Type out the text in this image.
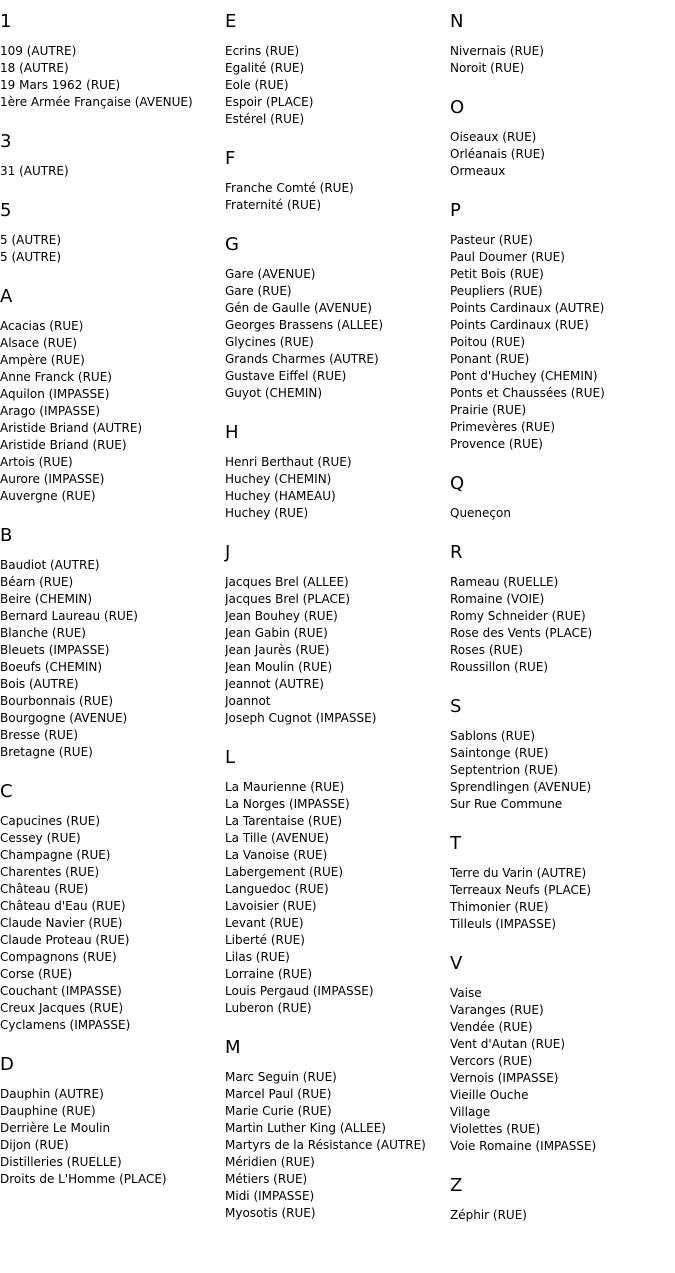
1
109 (AUTRE)
18 (AUTRE)
19 Mars 1962 (RUE)
1ère Armée Française (AVENUE)
3
31 (AUTRE)
5
5 (AUTRE)
5 (AUTRE)
A
Acacias (RUE)
Alsace (RUE)
Ampère (RUE)
Anne Franck (RUE)
Aquilon (IMPASSE)
Arago (IMPASSE)
Aristide Briand (AUTRE)
Aristide Briand (RUE)
Artois (RUE)
Aurore (IMPASSE)
Auvergne (RUE)
B
Baudiot (AUTRE)
Béarn (RUE)
Beire (CHEMIN)
Bernard Laureau (RUE)
Blanche (RUE)
Bleuets (IMPASSE)
Boeufs (CHEMIN)
Bois (AUTRE)
Bourbonnais (RUE)
Bourgogne (AVENUE)
Bresse (RUE)
Bretagne (RUE)
C
Capucines (RUE)
Cessey (RUE)
Champagne (RUE)
Charentes (RUE)
Château (RUE)
Château d'Eau (RUE)
Claude Navier (RUE)
Claude Proteau (RUE)
Compagnons (RUE)
Corse (RUE)
Couchant (IMPASSE)
Creux Jacques (RUE)
Cyclamens (IMPASSE)
D
Dauphin (AUTRE)
Dauphine (RUE)
Derrière Le Moulin
Dijon (RUE)
Distilleries (RUELLE)
Droits de L'Homme (PLACE)
E
Ecrins (RUE)
Egalité (RUE)
Eole (RUE)
Espoir (PLACE)
Estérel (RUE)
F
Franche Comté (RUE)
Fraternité (RUE)
G
Gare (AVENUE)
Gare (RUE)
Gén de Gaulle (AVENUE)
Georges Brassens (ALLEE)
Glycines (RUE)
Grands Charmes (AUTRE)
Gustave Eiffel (RUE)
Guyot (CHEMIN)
H
Henri Berthaut (RUE)
Huchey (CHEMIN)
Huchey (HAMEAU)
Huchey (RUE)
J
Jacques Brel (ALLEE)
Jacques Brel (PLACE)
Jean Bouhey (RUE)
Jean Gabin (RUE)
Jean Jaurès (RUE)
Jean Moulin (RUE)
Jeannot (AUTRE)
Joannot
Joseph Cugnot (IMPASSE)
L
La Maurienne (RUE)
La Norges (IMPASSE)
La Tarentaise (RUE)
La Tille (AVENUE)
La Vanoise (RUE)
Labergement (RUE)
Languedoc (RUE)
Lavoisier (RUE)
Levant (RUE)
Liberté (RUE)
Lilas (RUE)
Lorraine (RUE)
Louis Pergaud (IMPASSE)
Luberon (RUE)
M
Marc Seguin (RUE)
Marcel Paul (RUE)
Marie Curie (RUE)
Martin Luther King (ALLEE)
Martyrs de la Résistance (AUTRE)
Méridien (RUE)
Métiers (RUE)
Midi (IMPASSE)
Myosotis (RUE)
N
Nivernais (RUE)
Noroit (RUE)
O
Oiseaux (RUE)
Orléanais (RUE)
Ormeaux
P
Pasteur (RUE)
Paul Doumer (RUE)
Petit Bois (RUE)
Peupliers (RUE)
Points Cardinaux (AUTRE)
Points Cardinaux (RUE)
Poitou (RUE)
Ponant (RUE)
Pont d'Huchey (CHEMIN)
Ponts et Chaussées (RUE)
Prairie (RUE)
Primevères (RUE)
Provence (RUE)
Q
Queneçon
R
Rameau (RUELLE)
Romaine (VOIE)
Romy Schneider (RUE)
Rose des Vents (PLACE)
Roses (RUE)
Roussillon (RUE)
S
Sablons (RUE)
Saintonge (RUE)
Septentrion (RUE)
Sprendlingen (AVENUE)
Sur Rue Commune
T
Terre du Varin (AUTRE)
Terreaux Neufs (PLACE)
Thimonier (RUE)
Tilleuls (IMPASSE)
V
Vaise
Varanges (RUE)
Vendée (RUE)
Vent d'Autan (RUE)
Vercors (RUE)
Vernois (IMPASSE)
Vieille Ouche
Village
Violettes (RUE)
Voie Romaine (IMPASSE)
Z
Zéphir (RUE)
